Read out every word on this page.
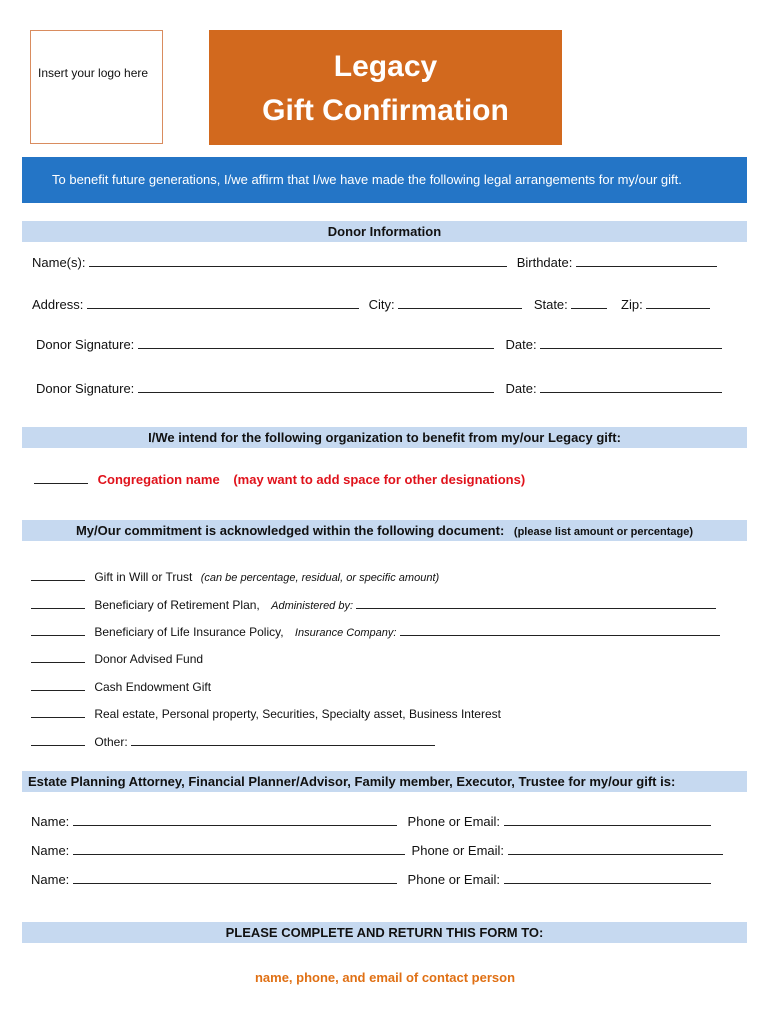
Insert your logo here	Legacy
Gift Confirmation
To benefit future generations, I/we affirm that I/we have made the following legal arrangements for my/our gift.
Donor Information
Name(s):	Birthdate:
Address:	City:	State:	Zip:
Donor Signature:	Date:
Donor Signature:	Date:
I/We intend for the following organization to benefit from my/our Legacy gift:
Congregation name (may want to add space for other designations)
My/Our commitment is acknowledged within the following document: (please list amount or percentage)
Gift in Will or Trust (can be percentage, residual, or specific amount)
Beneficiary of Retirement Plan, Administered by:
Beneficiary of Life Insurance Policy, Insurance Company:
Donor Advised Fund
Cash Endowment Gift
Real estate, Personal property, Securities, Specialty asset, Business Interest
Other:
Estate Planning Attorney, Financial Planner/Advisor, Family member, Executor, Trustee for my/our gift is:
Name:	Phone or Email:
Name:	Phone or Email:
Name:	Phone or Email:
PLEASE COMPLETE AND RETURN THIS FORM TO:
name, phone, and email of contact person
